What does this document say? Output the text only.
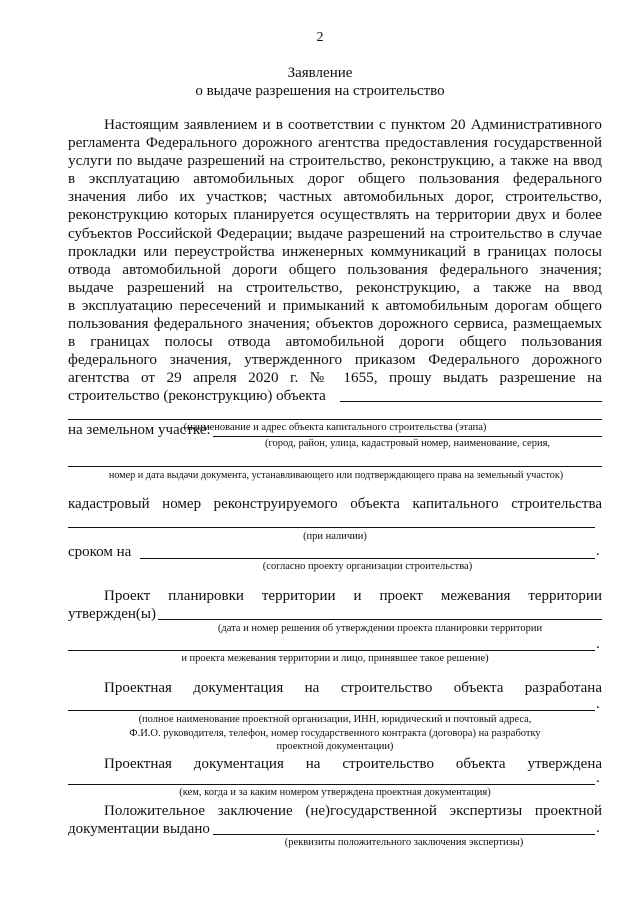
2
Заявление
о выдаче разрешения на строительство
Настоящим заявлением и в соответствии с пунктом 20 Административного
регламента Федерального дорожного агентства предоставления государственной
услуги по выдаче разрешений на строительство, реконструкцию, а также на ввод
в эксплуатацию автомобильных дорог общего пользования федерального
значения либо их участков; частных автомобильных дорог, строительство,
реконструкцию которых планируется осуществлять на территории двух и более
субъектов Российской Федерации; выдаче разрешений на строительство в случае
прокладки или переустройства инженерных коммуникаций в границах полосы
отвода автомобильной дороги общего пользования федерального значения;
выдаче разрешений на строительство, реконструкцию, а также на ввод
в эксплуатацию пересечений и примыканий к автомобильным дорогам общего
пользования федерального значения; объектов дорожного сервиса, размещаемых
в границах полосы отвода автомобильной дороги общего пользования
федерального значения, утвержденного приказом Федерального дорожного
агентства от 29 апреля 2020 г. № 1655, прошу выдать разрешение на
строительство (реконструкцию) объекта
(наименование и адрес объекта капитального строительства (этапа)
на земельном участке:
(город, район, улица, кадастровый номер, наименование, серия,
номер и дата выдачи документа, устанавливающего или подтверждающего права на земельный участок)
кадастровый номер реконструируемого объекта капитального строительства
(при наличии)
сроком на	.
(согласно проекту организации строительства)
Проект планировки территории и проект межевания территории
утвержден(ы)
(дата и номер решения об утверждении проекта планировки территории
.
и проекта межевания территории и лицо, принявшее такое решение)
Проектная документация на строительство объекта разработана
.
(полное наименование проектной организации, ИНН, юридический и почтовый адреса,
Ф.И.О. руководителя, телефон, номер государственного контракта (договора) на разработку
проектной документации)
Проектная документация на строительство объекта утверждена
.
(кем, когда и за каким номером утверждена проектная документация)
Положительное заключение (не)государственной экспертизы проектной
документации выдано	.
(реквизиты положительного заключения экспертизы)
